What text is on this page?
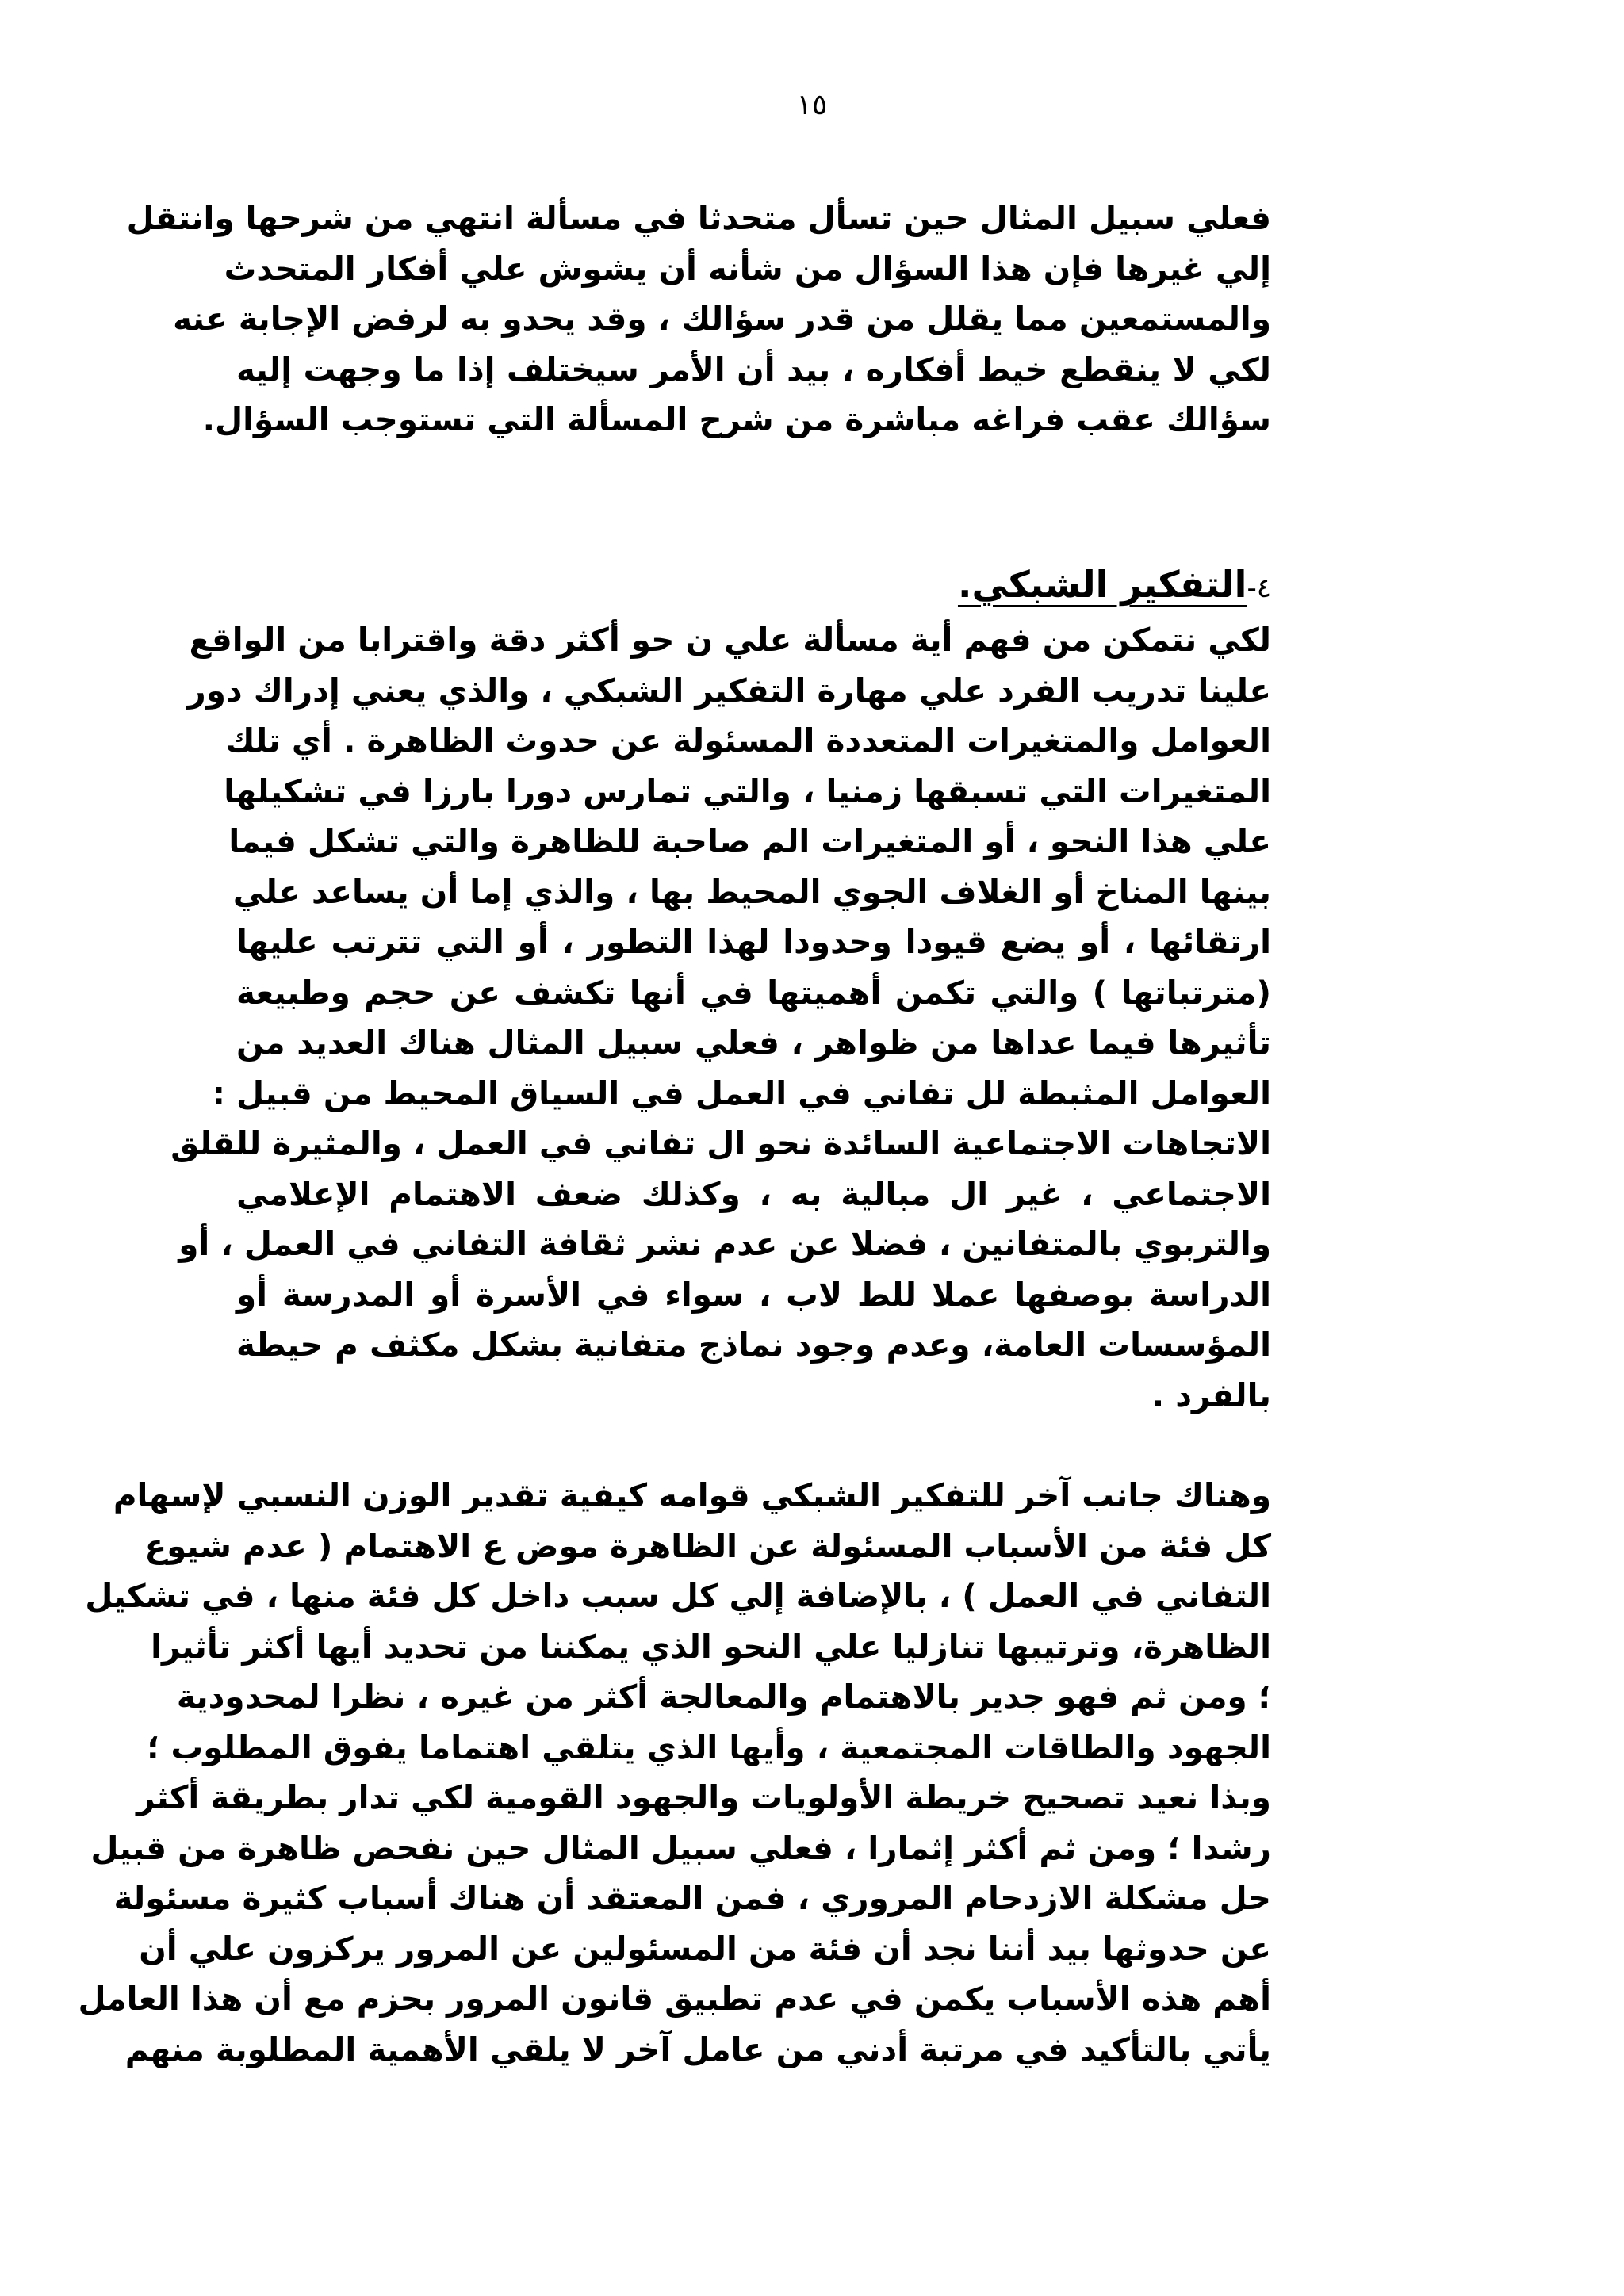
١٥
فعلي سبيل المثال حين تسأل متحدثا في مسألة انتهي من شرحها وانتقل
إلي غيرها فإن هذا السؤال من شأنه أن يشوش علي أفكار المتحدث
والمستمعين مما يقلل من قدر سؤالك ، وقد يحدو به لرفض الإجابة عنه
لكي لا ينقطع خيط أفكاره ، بيد أن الأمر سيختلف إذا ما وجهت إليه
سؤالك عقب فراغه مباشرة من شرح المسألة التي تستوجب السؤال.
٤-التفكير الشبكي.
لكي نتمكن من فهم أية مسألة علي ن حو أكثر دقة واقترابا من الواقع
علينا تدريب الفرد علي مهارة التفكير الشبكي ، والذي يعني إدراك دور
العوامل والمتغيرات المتعددة المسئولة عن حدوث الظاهرة . أي تلك
المتغيرات التي تسبقها زمنيا ، والتي تمارس دورا بارزا في تشكيلها
علي هذا النحو ، أو المتغيرات الم صاحبة للظاهرة والتي تشكل فيما
بينها المناخ أو الغلاف الجوي المحيط بها ، والذي إما أن يساعد علي
ارتقائها ، أو يضع قيودا وحدودا لهذا التطور ، أو التي تترتب عليها
(مترتباتها ) والتي تكمن أهميتها في أنها تكشف عن حجم وطبيعة
تأثيرها فيما عداها من ظواهر ، فعلي سبيل المثال هناك العديد من
العوامل المثبطة لل تفاني في العمل في السياق المحيط من قبيل :
الاتجاهات الاجتماعية السائدة نحو ال تفاني في العمل ، والمثيرة للقلق
الاجتماعي ، غير ال مبالية به ، وكذلك ضعف الاهتمام الإعلامي
والتربوي بالمتفانين ، فضلا عن عدم نشر ثقافة التفاني في العمل ، أو
الدراسة بوصفها عملا للط لاب ، سواء في الأسرة أو المدرسة أو
المؤسسات العامة، وعدم وجود نماذج متفانية بشكل مكثف م حيطة
بالفرد .
وهناك جانب آخر للتفكير الشبكي قوامه كيفية تقدير الوزن النسبي لإسهام
كل فئة من الأسباب المسئولة عن الظاهرة موض ع الاهتمام ( عدم شيوع
التفاني في العمل ) ، بالإضافة إلي كل سبب داخل كل فئة منها ، في تشكيل
الظاهرة، وترتيبها تنازليا علي النحو الذي يمكننا من تحديد أيها أكثر تأثيرا
؛ ومن ثم فهو جدير بالاهتمام والمعالجة أكثر من غيره ، نظرا لمحدودية
الجهود والطاقات المجتمعية ، وأيها الذي يتلقي اهتماما يفوق المطلوب ؛
وبذا نعيد تصحيح خريطة الأولويات والجهود القومية لكي تدار بطريقة أكثر
رشدا ؛ ومن ثم أكثر إثمارا ، فعلي سبيل المثال حين نفحص ظاهرة من قبيل
حل مشكلة الازدحام المروري ، فمن المعتقد أن هناك أسباب كثيرة مسئولة
عن حدوثها بيد أننا نجد أن فئة من المسئولين عن المرور يركزون علي أن
أهم هذه الأسباب يكمن في عدم تطبيق قانون المرور بحزم مع أن هذا العامل
يأتي بالتأكيد في مرتبة أدني من عامل آخر لا يلقي الأهمية المطلوبة منهم
